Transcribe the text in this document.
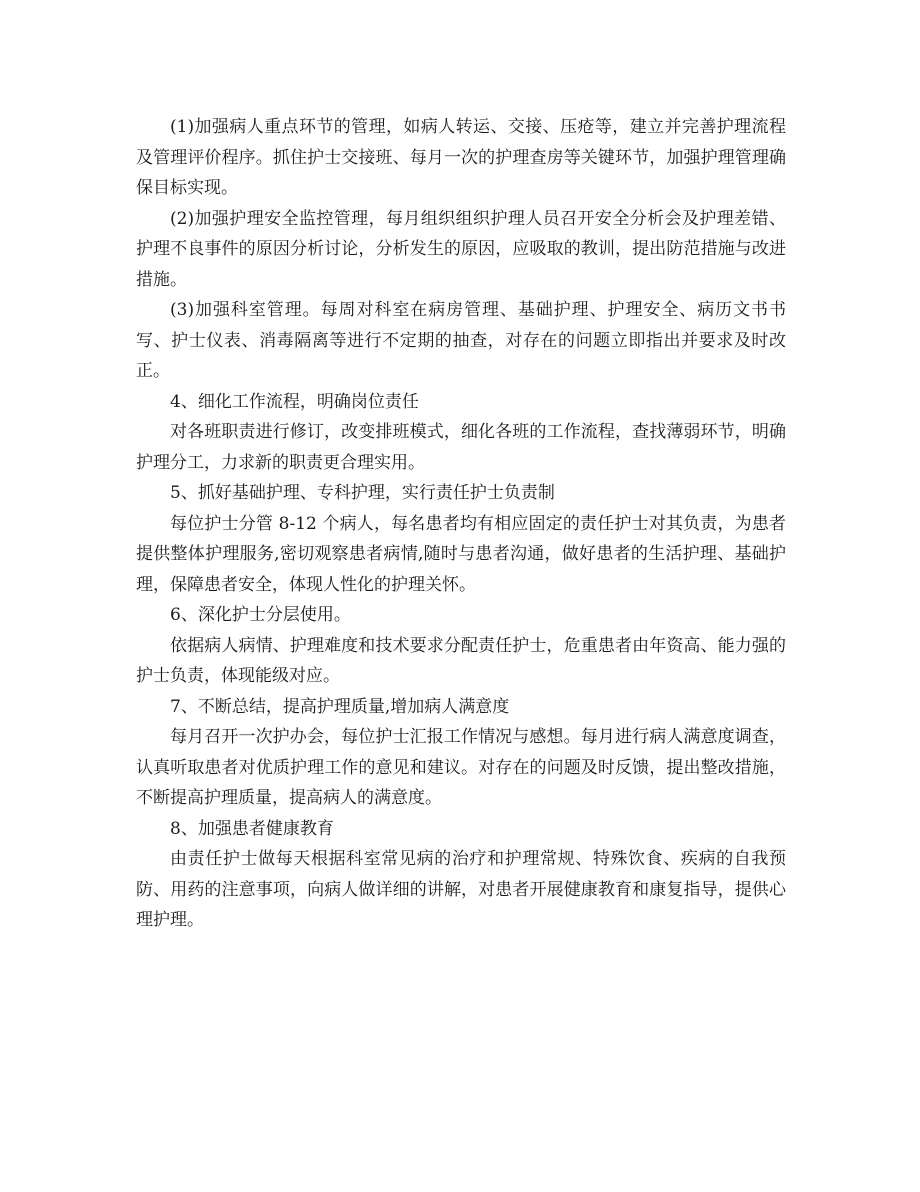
(1)加强病人重点环节的管理，如病人转运、交接、压疮等，建立并完善护理流程及管理评价程序。抓住护士交接班、每月一次的护理查房等关键环节，加强护理管理确保目标实现。

(2)加强护理安全监控管理，每月组织组织护理人员召开安全分析会及护理差错、护理不良事件的原因分析讨论，分析发生的原因，应吸取的教训，提出防范措施与改进措施。

(3)加强科室管理。每周对科室在病房管理、基础护理、护理安全、病历文书书写、护士仪表、消毒隔离等进行不定期的抽查，对存在的问题立即指出并要求及时改正。

4、细化工作流程，明确岗位责任

对各班职责进行修订，改变排班模式，细化各班的工作流程，查找薄弱环节，明确护理分工，力求新的职责更合理实用。

5、抓好基础护理、专科护理，实行责任护士负责制

每位护士分管 8-12 个病人，每名患者均有相应固定的责任护士对其负责，为患者提供整体护理服务,密切观察患者病情,随时与患者沟通，做好患者的生活护理、基础护理，保障患者安全，体现人性化的护理关怀。

6、深化护士分层使用。

依据病人病情、护理难度和技术要求分配责任护士，危重患者由年资高、能力强的护士负责，体现能级对应。

7、不断总结，提高护理质量,增加病人满意度

每月召开一次护办会，每位护士汇报工作情况与感想。每月进行病人满意度调查，认真听取患者对优质护理工作的意见和建议。对存在的问题及时反馈，提出整改措施，不断提高护理质量，提高病人的满意度。

8、加强患者健康教育

由责任护士做每天根据科室常见病的治疗和护理常规、特殊饮食、疾病的自我预防、用药的注意事项，向病人做详细的讲解，对患者开展健康教育和康复指导，提供心理护理。
